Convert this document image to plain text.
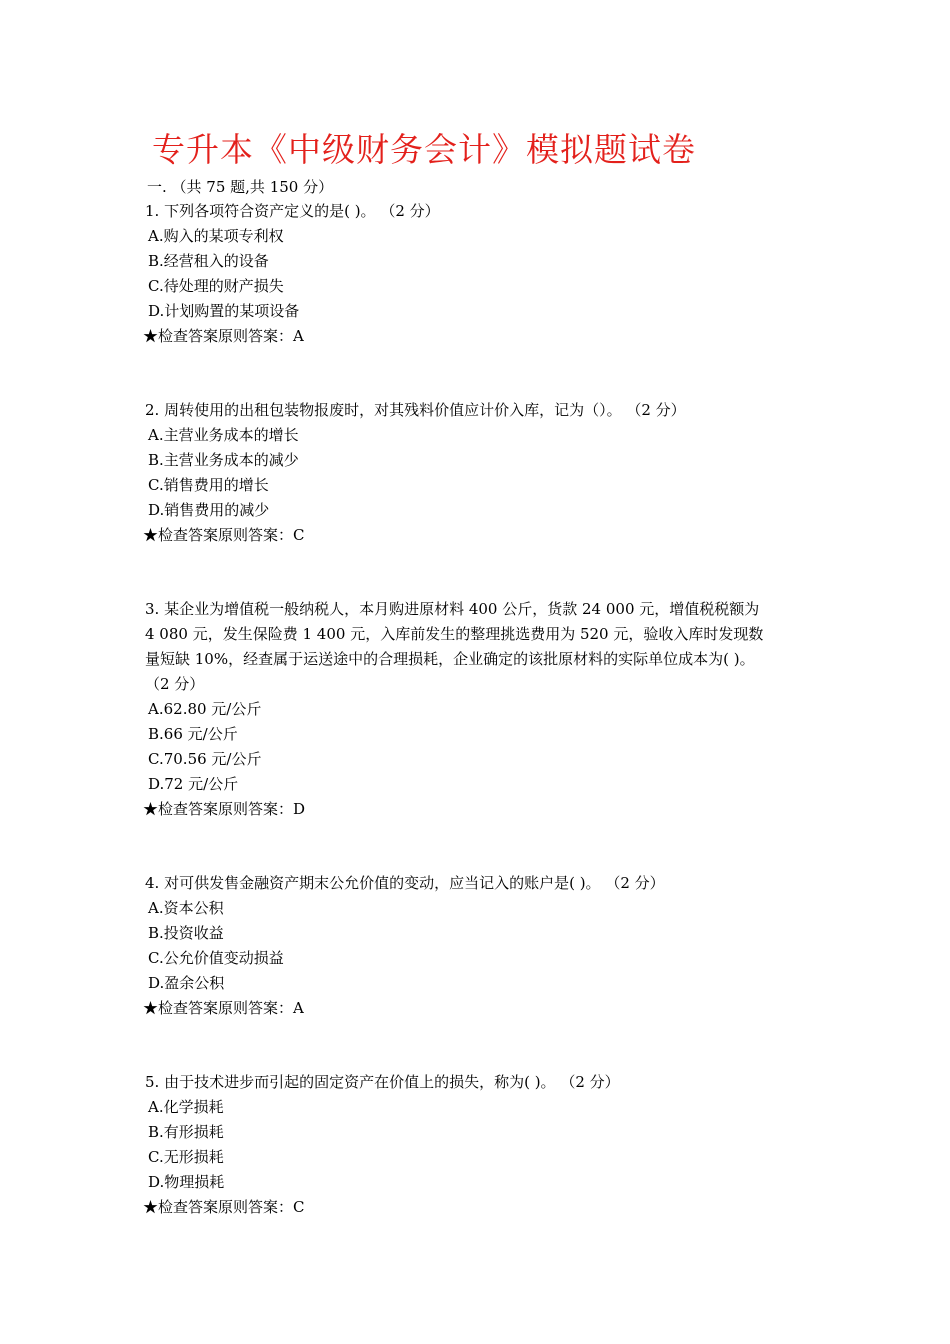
专升本《中级财务会计》模拟题试卷
一. （共 75 题,共 150 分）
1. 下列各项符合资产定义的是( )。 （2 分）
A.购入的某项专利权
B.经营租入的设备
C.待处理的财产损失
D.计划购置的某项设备
★检查答案原则答案：A
2. 周转使用的出租包装物报废时，对其残料价值应计价入库，记为（）。 （2 分）
A.主营业务成本的增长
B.主营业务成本的减少
C.销售费用的增长
D.销售费用的减少
★检查答案原则答案：C
3. 某企业为增值税一般纳税人，本月购进原材料 400 公斤，货款 24 000 元，增值税税额为
4 080 元，发生保险费 1 400 元，入库前发生的整理挑选费用为 520 元，验收入库时发现数
量短缺 10%，经查属于运送途中的合理损耗，企业确定的该批原材料的实际单位成本为( )。
（2 分）
A.62.80 元/公斤
B.66 元/公斤
C.70.56 元/公斤
D.72 元/公斤
★检查答案原则答案：D
4. 对可供发售金融资产期末公允价值的变动，应当记入的账户是( )。 （2 分）
A.资本公积
B.投资收益
C.公允价值变动损益
D.盈余公积
★检查答案原则答案：A
5. 由于技术进步而引起的固定资产在价值上的损失，称为( )。 （2 分）
A.化学损耗
B.有形损耗
C.无形损耗
D.物理损耗
★检查答案原则答案：C
